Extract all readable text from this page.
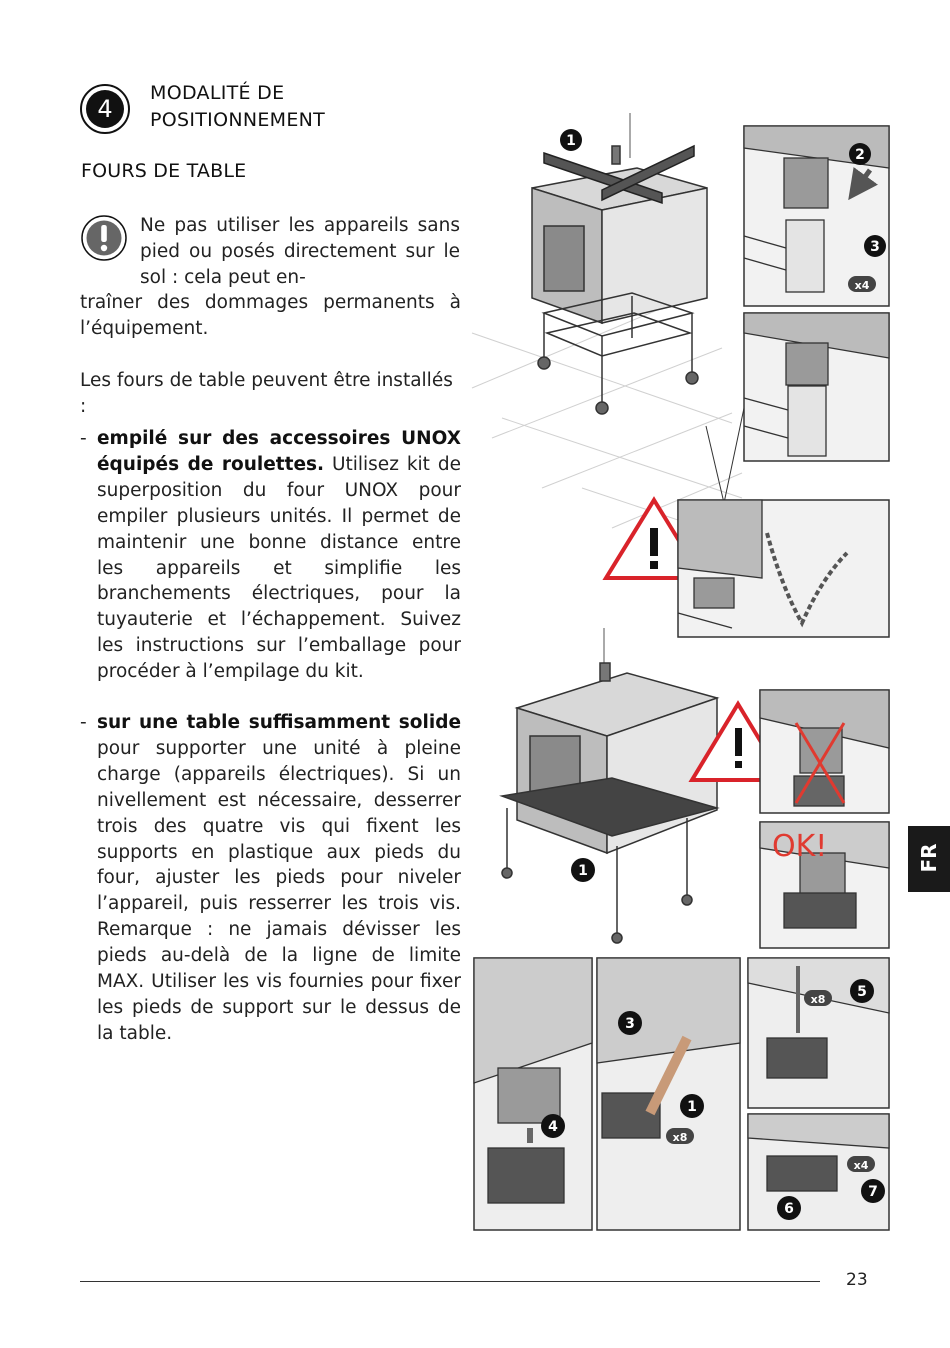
4
MODALITÉ DE
POSITIONNEMENT
FOURS DE TABLE
Ne pas utiliser les appareils sans pied ou posés directement sur le sol : cela peut en-
traîner des dommages permanents à l’équipement.
Les fours de table peuvent être installés :
- empilé sur des accessoires UNOX équipés de roulettes. Utilisez kit de superposition du four UNOX pour empiler plusieurs unités. Il permet de maintenir une bonne distance entre les appareils et simplifie les branchements électriques, pour la tuyauterie et l’échappement. Suivez les instructions sur l’emballage pour procéder à l’empilage du kit.
- sur une table suffisamment solide pour supporter une unité à pleine charge (appareils électriques). Si un nivellement est nécessaire, desserrer trois des quatre vis qui fixent les supports en plastique aux pieds du four, ajuster les pieds pour niveler l’appareil, puis resserrer les trois vis. Remarque : ne jamais dévisser les pieds au-delà de la ligne de limite MAX. Utiliser les vis fournies pour fixer les pieds de support sur le dessus de la table.
1
2
3
x4
1
OK!
4
3
1
x8
5
x8
6
7
x4
23
FR
